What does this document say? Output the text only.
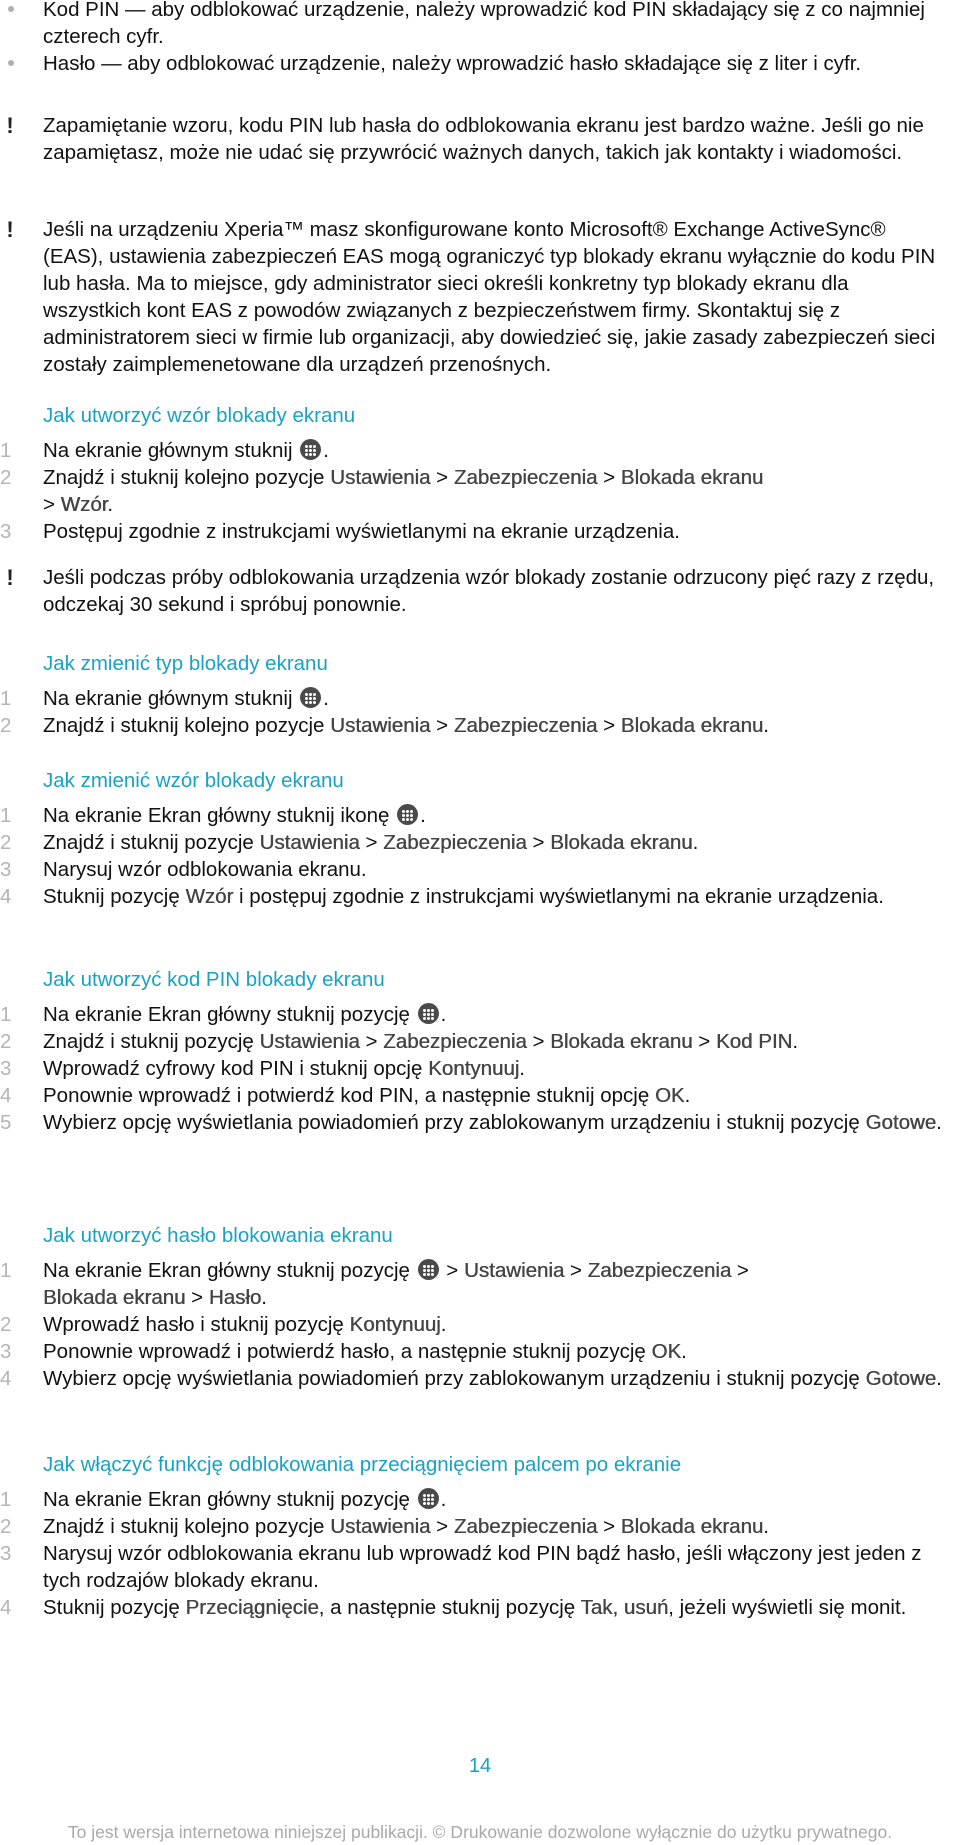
Kod PIN — aby odblokować urządzenie, należy wprowadzić kod PIN składający się z co najmniej czterech cyfr.
Hasło — aby odblokować urządzenie, należy wprowadzić hasło składające się z liter i cyfr.
! Zapamiętanie wzoru, kodu PIN lub hasła do odblokowania ekranu jest bardzo ważne. Jeśli go nie zapamiętasz, może nie udać się przywrócić ważnych danych, takich jak kontakty i wiadomości.
! Jeśli na urządzeniu Xperia™ masz skonfigurowane konto Microsoft® Exchange ActiveSync® (EAS), ustawienia zabezpieczeń EAS mogą ograniczyć typ blokady ekranu wyłącznie do kodu PIN lub hasła. Ma to miejsce, gdy administrator sieci określi konkretny typ blokady ekranu dla wszystkich kont EAS z powodów związanych z bezpieczeństwem firmy. Skontaktuj się z administratorem sieci w firmie lub organizacji, aby dowiedzieć się, jakie zasady zabezpieczeń sieci zostały zaimplemenetowane dla urządzeń przenośnych.
Jak utworzyć wzór blokady ekranu
1	Na ekranie głównym stuknij .
2	Znajdź i stuknij kolejno pozycje Ustawienia > Zabezpieczenia > Blokada ekranu
> Wzór.
3	Postępuj zgodnie z instrukcjami wyświetlanymi na ekranie urządzenia.
! Jeśli podczas próby odblokowania urządzenia wzór blokady zostanie odrzucony pięć razy z rzędu, odczekaj 30 sekund i spróbuj ponownie.
Jak zmienić typ blokady ekranu
1	Na ekranie głównym stuknij .
2	Znajdź i stuknij kolejno pozycje Ustawienia > Zabezpieczenia > Blokada ekranu.
Jak zmienić wzór blokady ekranu
1	Na ekranie Ekran główny stuknij ikonę .
2	Znajdź i stuknij pozycje Ustawienia > Zabezpieczenia > Blokada ekranu.
3	Narysuj wzór odblokowania ekranu.
4	Stuknij pozycję Wzór i postępuj zgodnie z instrukcjami wyświetlanymi na ekranie urządzenia.
Jak utworzyć kod PIN blokady ekranu
1	Na ekranie Ekran główny stuknij pozycję .
2	Znajdź i stuknij pozycję Ustawienia > Zabezpieczenia > Blokada ekranu > Kod PIN.
3	Wprowadź cyfrowy kod PIN i stuknij opcję Kontynuuj.
4	Ponownie wprowadź i potwierdź kod PIN, a następnie stuknij opcję OK.
5	Wybierz opcję wyświetlania powiadomień przy zablokowanym urządzeniu i stuknij pozycję Gotowe.
Jak utworzyć hasło blokowania ekranu
1	Na ekranie Ekran główny stuknij pozycję
> Ustawienia > Zabezpieczenia >
Blokada ekranu > Hasło.
2	Wprowadź hasło i stuknij pozycję Kontynuuj.
3	Ponownie wprowadź i potwierdź hasło, a następnie stuknij pozycję OK.
4	Wybierz opcję wyświetlania powiadomień przy zablokowanym urządzeniu i stuknij pozycję Gotowe.
Jak włączyć funkcję odblokowania przeciągnięciem palcem po ekranie
1	Na ekranie Ekran główny stuknij pozycję .
2	Znajdź i stuknij kolejno pozycje Ustawienia > Zabezpieczenia > Blokada ekranu.
3	Narysuj wzór odblokowania ekranu lub wprowadź kod PIN bądź hasło, jeśli włączony jest jeden z tych rodzajów blokady ekranu.
4	Stuknij pozycję Przeciągnięcie, a następnie stuknij pozycję Tak, usuń, jeżeli wyświetli się monit.
14
To jest wersja internetowa niniejszej publikacji. © Drukowanie dozwolone wyłącznie do użytku prywatnego.
